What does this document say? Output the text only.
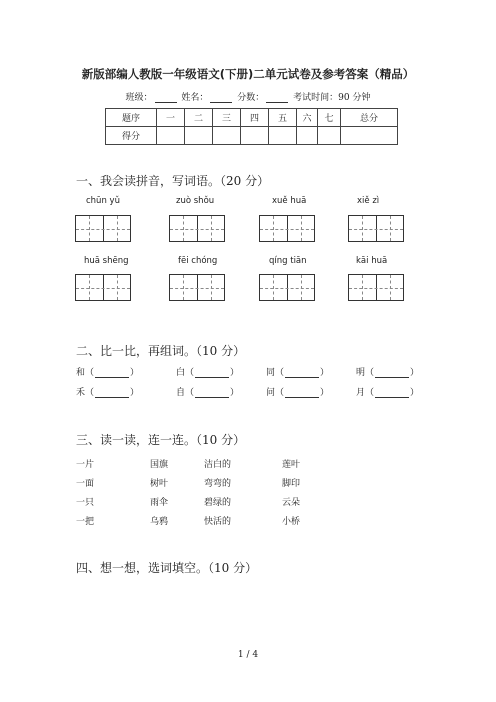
新版部编人教版一年级语文(下册)二单元试卷及参考答案（精品）
班级：	姓名：	分数：	考试时间：90 分钟
题序	一	二	三	四	五	六	七	总分
得分								
一、我会读拼音，写词语。（20 分）
chūn yǔ	zuò shǒu	xuě huā	xiě zì
huā shēng	fēi chóng	qíng tiān	kāi huā
二、比一比，再组词。（10 分）
和（	）	白（	）	同（	）	明（	）
禾（	）	自（	）	问（	）	月（	）
三、读一读，连一连。（10 分）
一片	国旗	洁白的	莲叶
一面	树叶	弯弯的	脚印
一只	雨伞	碧绿的	云朵
一把	乌鸦	快活的	小桥
四、想一想，选词填空。（10 分）
1 / 4
